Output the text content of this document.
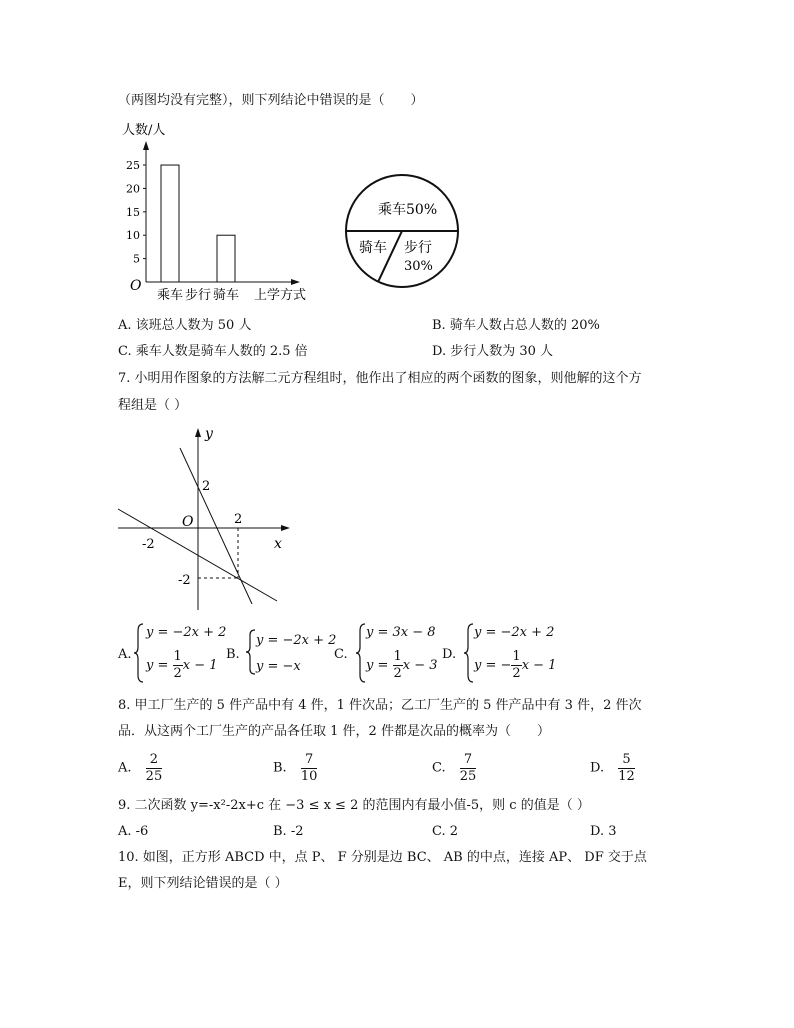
（两图均没有完整），则下列结论中错误的是（　　）
人数/人
5
10
15
20
25
乘车 步行 骑车
O
上学方式
乘车50%
骑车 步行
30%
A. 该班总人数为 50 人	B. 骑车人数占总人数的 20%
C. 乘车人数是骑车人数的 2.5 倍	D. 步行人数为 30 人
7. 小明用作图象的方法解二元方程组时，他作出了相应的两个函数的图象，则他解的这个方
程组是（ ）
y
x
O
2
2
-2
-2
A.
y = −2x + 2
$y = \frac{1}{2}$ x − 1
B.
y = −2x + 2
y = −x
C.
y = 3x − 8
$y = \frac{1}{2}$ x − 3
D.
y = −2x + 2
y = − $\frac{1}{2}$ x − 1
8. 甲工厂生产的 5 件产品中有 4 件，1 件次品；乙工厂生产的 5 件产品中有 3 件，2 件次
品．从这两个工厂生产的产品各任取 1 件，2 件都是次品的概率为（　　）
A. $\frac{2}{25}$	B. $\frac{7}{10}$	C. $\frac{7}{25}$	D. $\frac{5}{12}$
9. 二次函数 y=-x²-2x+c 在 −3 ≤ x ≤ 2 的范围内有最小值-5，则 c 的值是（ ）
A. -6	B. -2	C. 2	D. 3
10. 如图，正方形 ABCD 中，点 P、 F 分别是边 BC、 AB 的中点，连接 AP、 DF 交于点
E，则下列结论错误的是（ ）
